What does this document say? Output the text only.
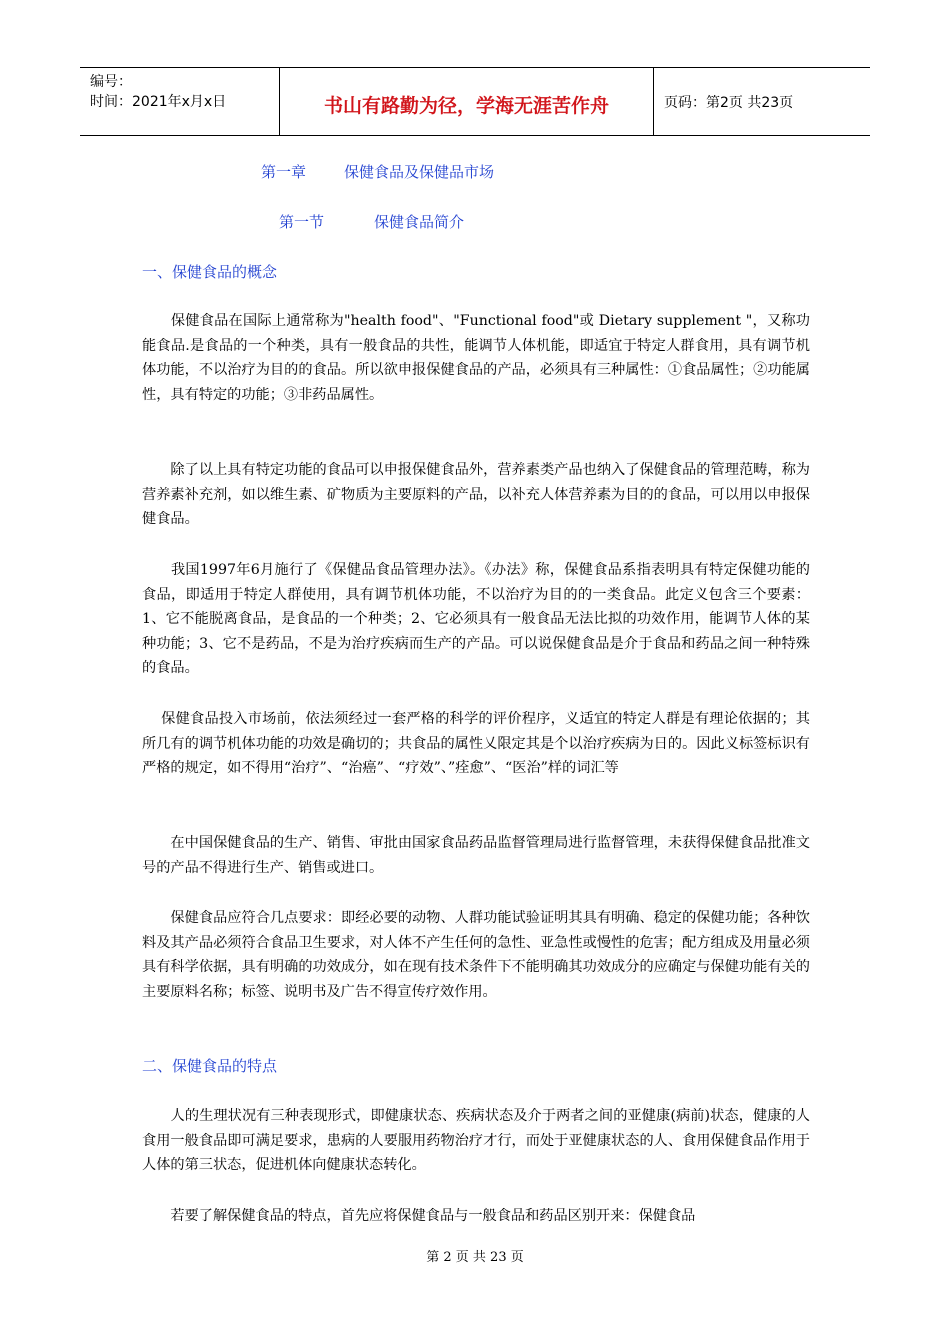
编号：
时间：2021年x月x日	书山有路勤为径，学海无涯苦作舟	页码：第2页 共23页
第一章	保健食品及保健品市场
第一节	保健食品简介
一、保健食品的概念

　　保健食品在国际上通常称为"health food"、"Functional food"或 Dietary supplement "，又称功能食品.是食品的一个种类，具有一般食品的共性，能调节人体机能，即适宜于特定人群食用，具有调节机体功能，不以治疗为目的的食品。所以欲申报保健食品的产品，必须具有三种属性：①食品属性；②功能属性，具有特定的功能；③非药品属性。

　　除了以上具有特定功能的食品可以申报保健食品外，营养素类产品也纳入了保健食品的管理范畴，称为营养素补充剂，如以维生素、矿物质为主要原料的产品，以补充人体营养素为目的的食品，可以用以申报保健食品。

　　我国1997年6月施行了《保健品食品管理办法》。《办法》称，保健食品系指表明具有特定保健功能的食品，即适用于特定人群使用，具有调节机体功能，不以治疗为目的的一类食品。此定义包含三个要素：1、它不能脱离食品，是食品的一个种类；2、它必须具有一般食品无法比拟的功效作用，能调节人体的某种功能；3、它不是药品，不是为治疗疾病而生产的产品。可以说保健食品是介于食品和药品之间一种特殊的食品。

　 保健食品投入市场前，依法须经过一套严格的科学的评价程序，义适宜的特定人群是有理论依据的；其所几有的调节机体功能的功效是确切的；共食品的属性乂限定其是个以治疗疾病为日的。因此义标签标识有严格的规定，如不得用“治疗”、“治癌”、“疗效”、”痊愈”、“医治”样的词汇等

　　在中国保健食品的生产、销售、审批由国家食品药品监督管理局进行监督管理，未获得保健食品批准文号的产品不得进行生产、销售或进口。

　　保健食品应符合几点要求：即经必要的动物、人群功能试验证明其具有明确、稳定的保健功能；各种饮料及其产品必须符合食品卫生要求，对人体不产生任何的急性、亚急性或慢性的危害；配方组成及用量必须具有科学依据，具有明确的功效成分，如在现有技术条件下不能明确其功效成分的应确定与保健功能有关的主要原料名称；标签、说明书及广告不得宣传疗效作用。

二、保健食品的特点

　　人的生理状况有三种表现形式，即健康状态、疾病状态及介于两者之间的亚健康(病前)状态，健康的人食用一般食品即可满足要求，患病的人要服用药物治疗才行，而处于亚健康状态的人、食用保健食品作用于人体的第三状态，促进机体向健康状态转化。

　　若要了解保健食品的特点，首先应将保健食品与一般食品和药品区别开来：保健食品

第 2 页 共 23 页
